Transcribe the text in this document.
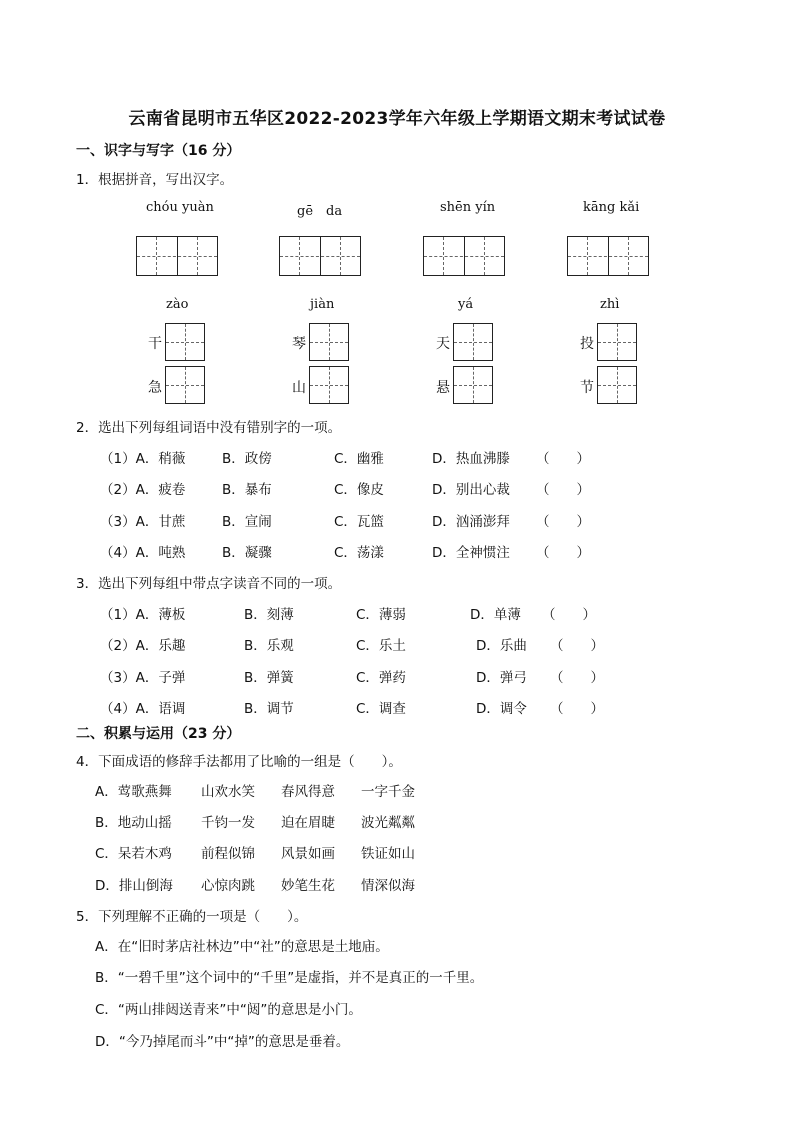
云南省昆明市五华区2022-2023学年六年级上学期语文期末考试试卷
一、识字与写字（16 分）
1．根据拼音，写出汉字。
chóu yuàn	gē　da	shēn yín	kāng kǎi
zào	jiàn	yá	zhì
干	琴	天	投
急	山	悬	节
2．选出下列每组词语中没有错别字的一项。
（1）A．稍薇	B．政傍	C．幽雅	D．热血沸滕 （　　）
（2）A．疲卷	B．暴布	C．像皮	D．别出心裁 （　　）
（3）A．甘蔗	B．宣闹	C．瓦篮	D．汹涌澎拜 （　　）
（4）A．吨熟	B．凝骤	C．荡漾	D．全神惯注 （　　）
3．选出下列每组中带点字读音不同的一项。
（1）A．薄板	B．刻薄	C．薄弱	D．单薄 （　　）
（2）A．乐趣	B．乐观	C．乐土	D．乐曲 （　　）
（3）A．子弹	B．弹簧	C．弹药	D．弹弓 （　　）
（4）A．语调	B．调节	C．调查	D．调令 （　　）
二、积累与运用（23 分）
4．下面成语的修辞手法都用了比喻的一组是（　　）。
A．莺歌燕舞 山欢水笑 春风得意 一字千金
B．地动山摇 千钧一发 迫在眉睫 波光粼粼
C．呆若木鸡 前程似锦 风景如画 铁证如山
D．排山倒海 心惊肉跳 妙笔生花 情深似海
5．下列理解不正确的一项是（　　）。
A．在“旧时茅店社林边”中“社”的意思是土地庙。
B．“一碧千里”这个词中的“千里”是虚指，并不是真正的一千里。
C．“两山排闼送青来”中“闼”的意思是小门。
D．“今乃掉尾而斗”中“掉”的意思是垂着。
